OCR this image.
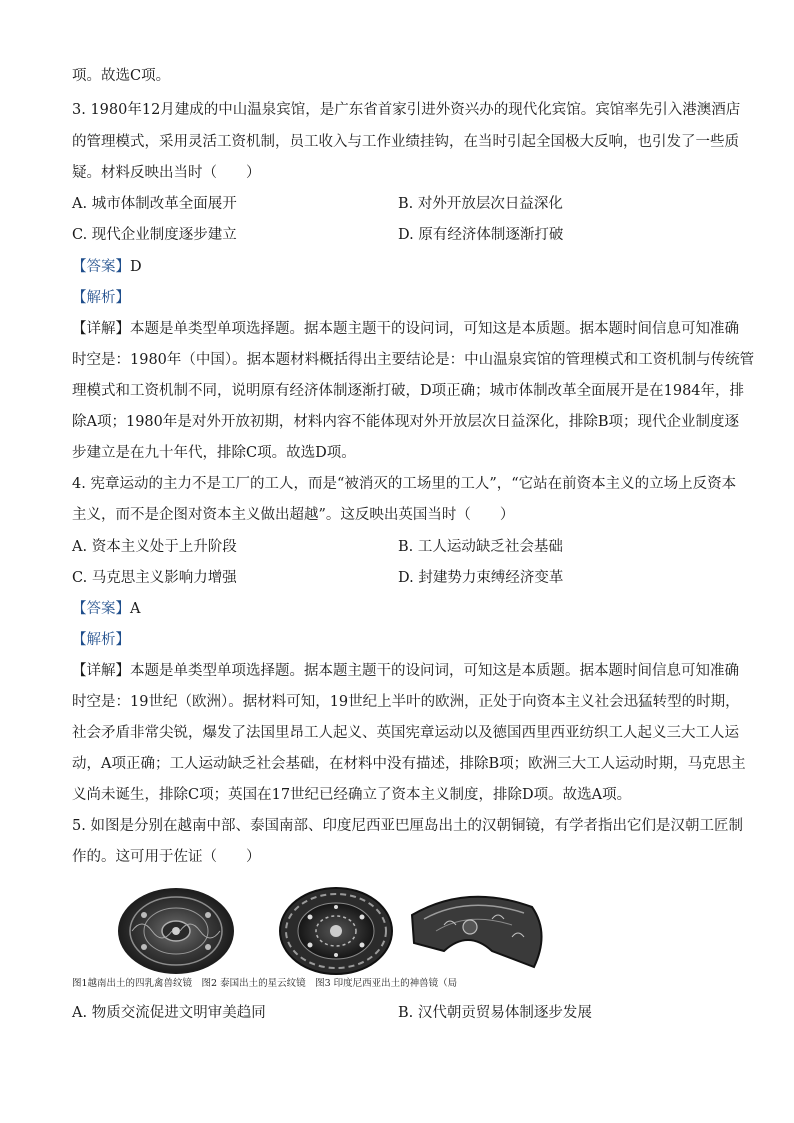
项。故选C项。
3. 1980年12月建成的中山温泉宾馆，是广东省首家引进外资兴办的现代化宾馆。宾馆率先引入港澳酒店
的管理模式，采用灵活工资机制，员工收入与工作业绩挂钩，在当时引起全国极大反响，也引发了一些质
疑。材料反映出当时（　　）
A. 城市体制改革全面展开	B. 对外开放层次日益深化
C. 现代企业制度逐步建立	D. 原有经济体制逐渐打破
【答案】D
【解析】
【详解】本题是单类型单项选择题。据本题主题干的设问词，可知这是本质题。据本题时间信息可知准确
时空是：1980年（中国）。据本题材料概括得出主要结论是：中山温泉宾馆的管理模式和工资机制与传统管
理模式和工资机制不同，说明原有经济体制逐渐打破，D项正确；城市体制改革全面展开是在1984年，排
除A项；1980年是对外开放初期，材料内容不能体现对外开放层次日益深化，排除B项；现代企业制度逐
步建立是在九十年代，排除C项。故选D项。
4. 宪章运动的主力不是工厂的工人，而是“被消灭的工场里的工人”，“它站在前资本主义的立场上反资本
主义，而不是企图对资本主义做出超越”。这反映出英国当时（　　）
A. 资本主义处于上升阶段	B. 工人运动缺乏社会基础
C. 马克思主义影响力增强	D. 封建势力束缚经济变革
【答案】A
【解析】
【详解】本题是单类型单项选择题。据本题主题干的设问词，可知这是本质题。据本题时间信息可知准确
时空是：19世纪（欧洲）。据材料可知，19世纪上半叶的欧洲，正处于向资本主义社会迅猛转型的时期，
社会矛盾非常尖锐，爆发了法国里昂工人起义、英国宪章运动以及德国西里西亚纺织工人起义三大工人运
动，A项正确；工人运动缺乏社会基础，在材料中没有描述，排除B项；欧洲三大工人运动时期，马克思主
义尚未诞生，排除C项；英国在17世纪已经确立了资本主义制度，排除D项。故选A项。
5. 如图是分别在越南中部、泰国南部、印度尼西亚巴厘岛出土的汉朝铜镜，有学者指出它们是汉朝工匠制
作的。这可用于佐证（　　）
图1越南出土的四乳禽兽纹镜　图2 泰国出土的星云纹镜　图3 印度尼西亚出土的神兽镜（局
A. 物质交流促进文明审美趋同	B. 汉代朝贡贸易体制逐步发展
